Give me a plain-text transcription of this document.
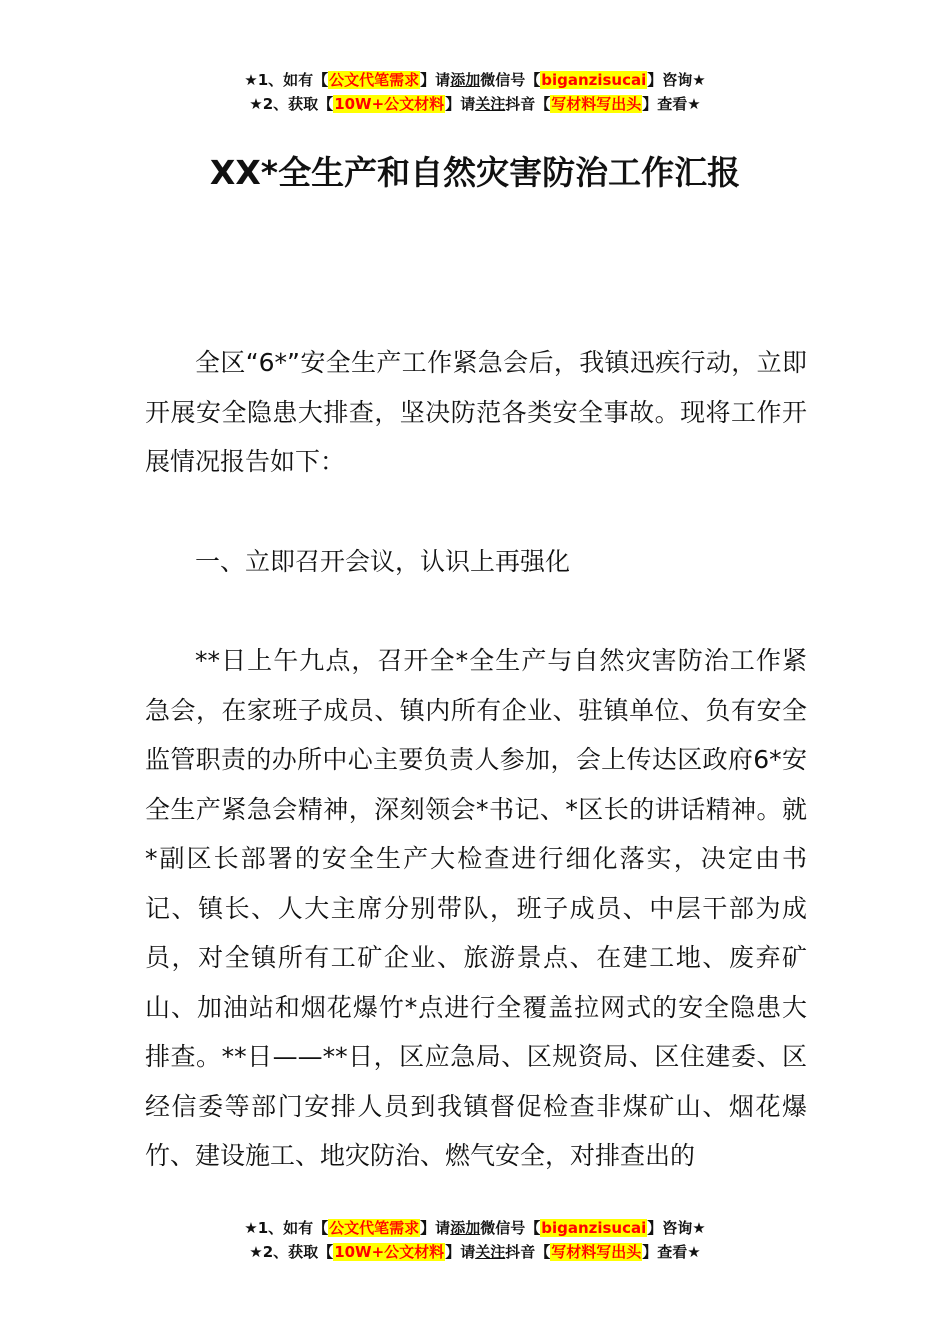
★1、如有【公文代笔需求】请添加微信号【biganzisucai】咨询★
★2、获取【10W+公文材料】请关注抖音【写材料写出头】查看★
XX*全生产和自然灾害防治工作汇报

全区“6*”安全生产工作紧急会后，我镇迅疾行动，立即开展安全隐患大排查，坚决防范各类安全事故。现将工作开展情况报告如下：

一、立即召开会议，认识上再强化

**日上午九点，召开全*全生产与自然灾害防治工作紧急会，在家班子成员、镇内所有企业、驻镇单位、负有安全监管职责的办所中心主要负责人参加，会上传达区政府6*安全生产紧急会精神，深刻领会*书记、*区长的讲话精神。就*副区长部署的安全生产大检查进行细化落实，决定由书记、镇长、人大主席分别带队，班子成员、中层干部为成员，对全镇所有工矿企业、旅游景点、在建工地、废弃矿山、加油站和烟花爆竹*点进行全覆盖拉网式的安全隐患大排查。**日——**日，区应急局、区规资局、区住建委、区经信委等部门安排人员到我镇督促检查非煤矿山、烟花爆竹、建设施工、地灾防治、燃气安全，对排查出的

★1、如有【公文代笔需求】请添加微信号【biganzisucai】咨询★
★2、获取【10W+公文材料】请关注抖音【写材料写出头】查看★
